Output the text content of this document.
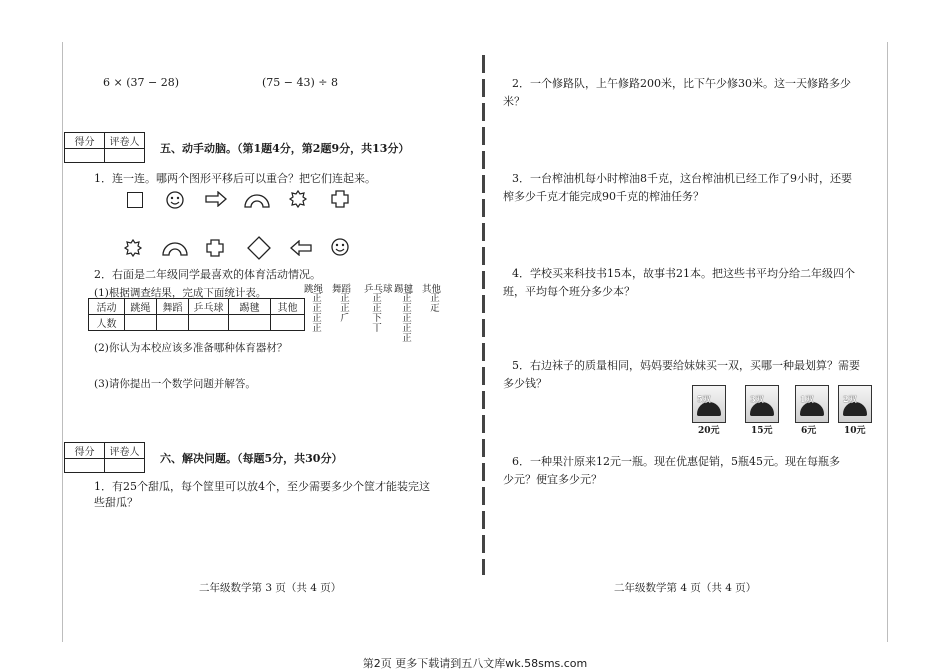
6 × (37 − 28)	(75 − 43) ÷ 8
得分	评卷人
	五、动手动脑。（第1题4分，第2题9分，共13分）
1．连一连。哪两个图形平移后可以重合？把它们连起来。
2．右面是二年级同学最喜欢的体育活动情况。
(1)根据调查结果，完成下面统计表。
活动	跳绳	舞蹈	乒乓球	踢毽	其他
人数					
跳绳
正
正
正
正
舞蹈
正
正
𠂆
乒乓球
正
正
下
丅
踢毽
正
正
正
正
正
其他
正
𤴓
(2)你认为本校应该多准备哪种体育器材？
(3)请你提出一个数学问题并解答。
得分	评卷人
	六、解决问题。（每题5分，共30分）
1．有25个甜瓜，每个筐里可以放4个，至少需要多少个筐才能装完这
些甜瓜？
二年级数学第 3 页（共 4 页）
2．一个修路队，上午修路200米，比下午少修30米。这一天修路多少
米？
3．一台榨油机每小时榨油8千克，这台榨油机已经工作了9小时，还要
榨多少千克才能完成90千克的榨油任务？
4．学校买来科技书15本，故事书21本。把这些书平均分给二年级四个
班，平均每个班分多少本？
5．右边袜子的质量相同，妈妈要给妹妹买一双，买哪一种最划算？需要
多少钱？
5双
20元
3双
15元
1双
6元
2双
10元
6．一种果汁原来12元一瓶。现在优惠促销，5瓶45元。现在每瓶多
少元？便宜多少元？
二年级数学第 4 页（共 4 页）
第2页 更多下载请到五八文库wk.58sms.com
